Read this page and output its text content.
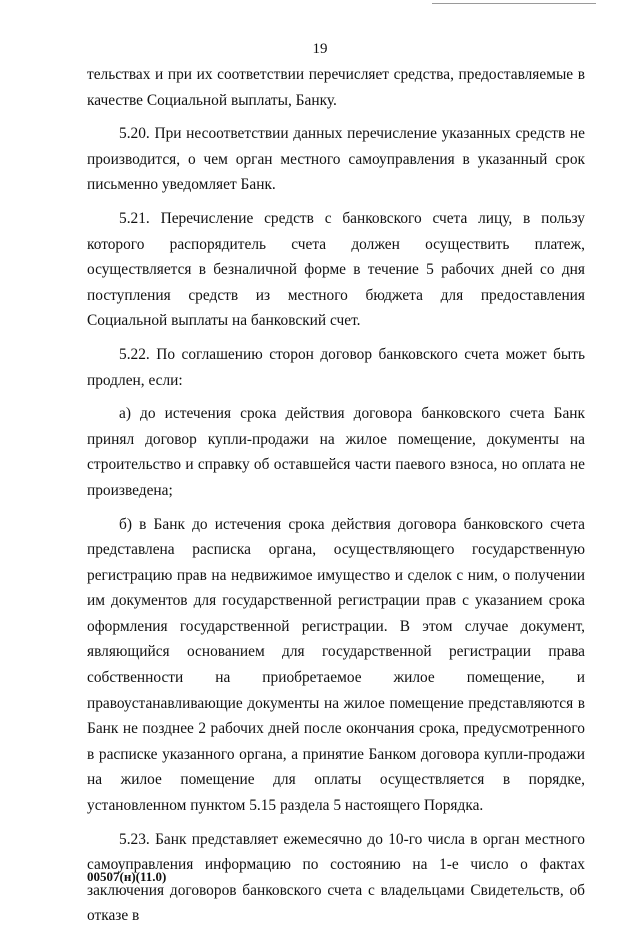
19

тельствах и при их соответствии перечисляет средства, предоставляемые в качестве Социальной выплаты, Банку.

5.20. При несоответствии данных перечисление указанных средств не производится, о чем орган местного самоуправления в указанный срок письменно уведомляет Банк.

5.21. Перечисление средств с банковского счета лицу, в пользу которого распорядитель счета должен осуществить платеж, осуществляется в безналичной форме в течение 5 рабочих дней со дня поступления средств из местного бюджета для предоставления Социальной выплаты на банковский счет.

5.22. По соглашению сторон договор банковского счета может быть продлен, если:

а) до истечения срока действия договора банковского счета Банк принял договор купли-продажи на жилое помещение, документы на строительство и справку об оставшейся части паевого взноса, но оплата не произведена;

б) в Банк до истечения срока действия договора банковского счета представлена расписка органа, осуществляющего государственную регистрацию прав на недвижимое имущество и сделок с ним, о получении им документов для государственной регистрации прав с указанием срока оформления государственной регистрации. В этом случае документ, являющийся основанием для государственной регистрации права собственности на приобретаемое жилое помещение, и правоустанавливающие документы на жилое помещение представляются в Банк не позднее 2 рабочих дней после окончания срока, предусмотренного в расписке указанного органа, а принятие Банком договора купли-продажи на жилое помещение для оплаты осуществляется в порядке, установленном пунктом 5.15 раздела 5 настоящего Порядка.

5.23. Банк представляет ежемесячно до 10-го числа в орган местного самоуправления информацию по состоянию на 1-е число о фактах заключения договоров банковского счета с владельцами Свидетельств, об отказе в

00507(н)(11.0)
